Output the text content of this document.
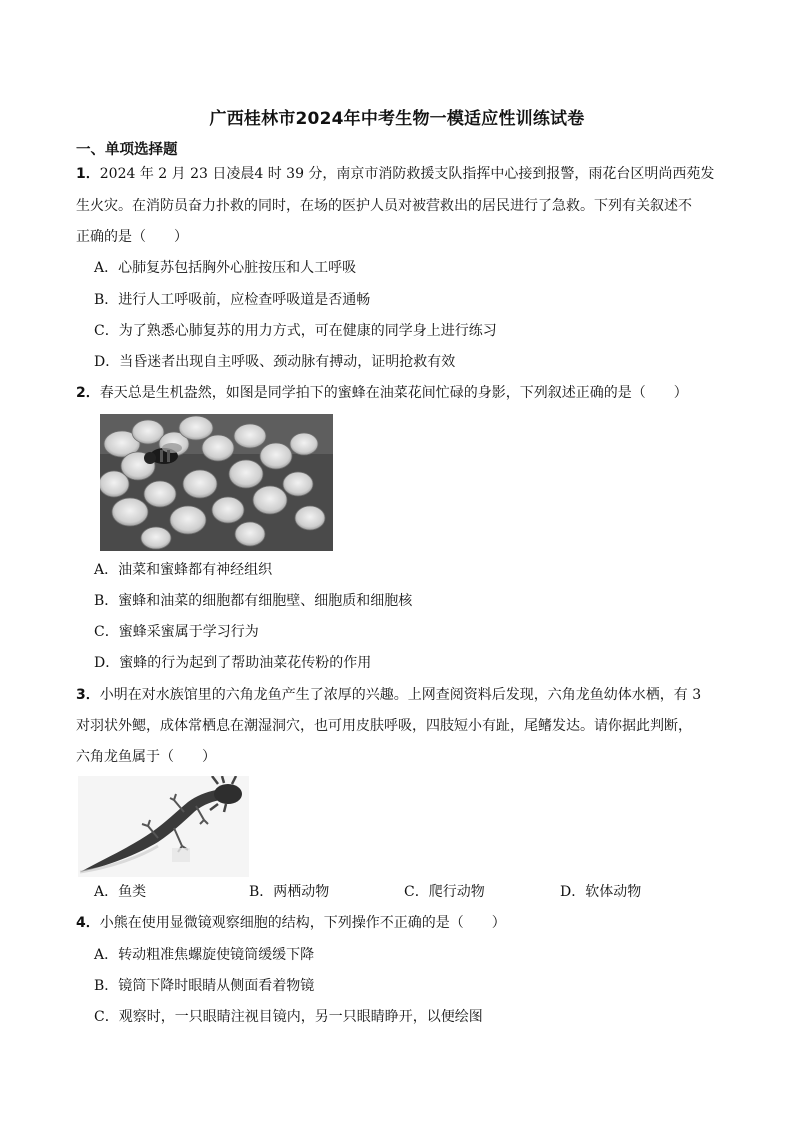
广西桂林市2024年中考生物一模适应性训练试卷
一、单项选择题
1．2024 年 2 月 23 日凌晨4 时 39 分，南京市消防救援支队指挥中心接到报警，雨花台区明尚西苑发
生火灾。在消防员奋力扑救的同时，在场的医护人员对被营救出的居民进行了急救。下列有关叙述不
正确的是（　　）
A．心肺复苏包括胸外心脏按压和人工呼吸
B．进行人工呼吸前，应检查呼吸道是否通畅
C．为了熟悉心肺复苏的用力方式，可在健康的同学身上进行练习
D．当昏迷者出现自主呼吸、颈动脉有搏动，证明抢救有效
2．春天总是生机盎然，如图是同学拍下的蜜蜂在油菜花间忙碌的身影，下列叙述正确的是（　　）
A．油菜和蜜蜂都有神经组织
B．蜜蜂和油菜的细胞都有细胞壁、细胞质和细胞核
C．蜜蜂采蜜属于学习行为
D．蜜蜂的行为起到了帮助油菜花传粉的作用
3．小明在对水族馆里的六角龙鱼产生了浓厚的兴趣。上网查阅资料后发现，六角龙鱼幼体水栖，有 3
对羽状外鳃，成体常栖息在潮湿洞穴，也可用皮肤呼吸，四肢短小有趾，尾鳍发达。请你据此判断，
六角龙鱼属于（　　）
A．鱼类	B．两栖动物	C．爬行动物	D．软体动物
4．小熊在使用显微镜观察细胞的结构，下列操作不正确的是（　　）
A．转动粗准焦螺旋使镜筒缓缓下降
B．镜筒下降时眼睛从侧面看着物镜
C．观察时，一只眼睛注视目镜内，另一只眼睛睁开，以便绘图
